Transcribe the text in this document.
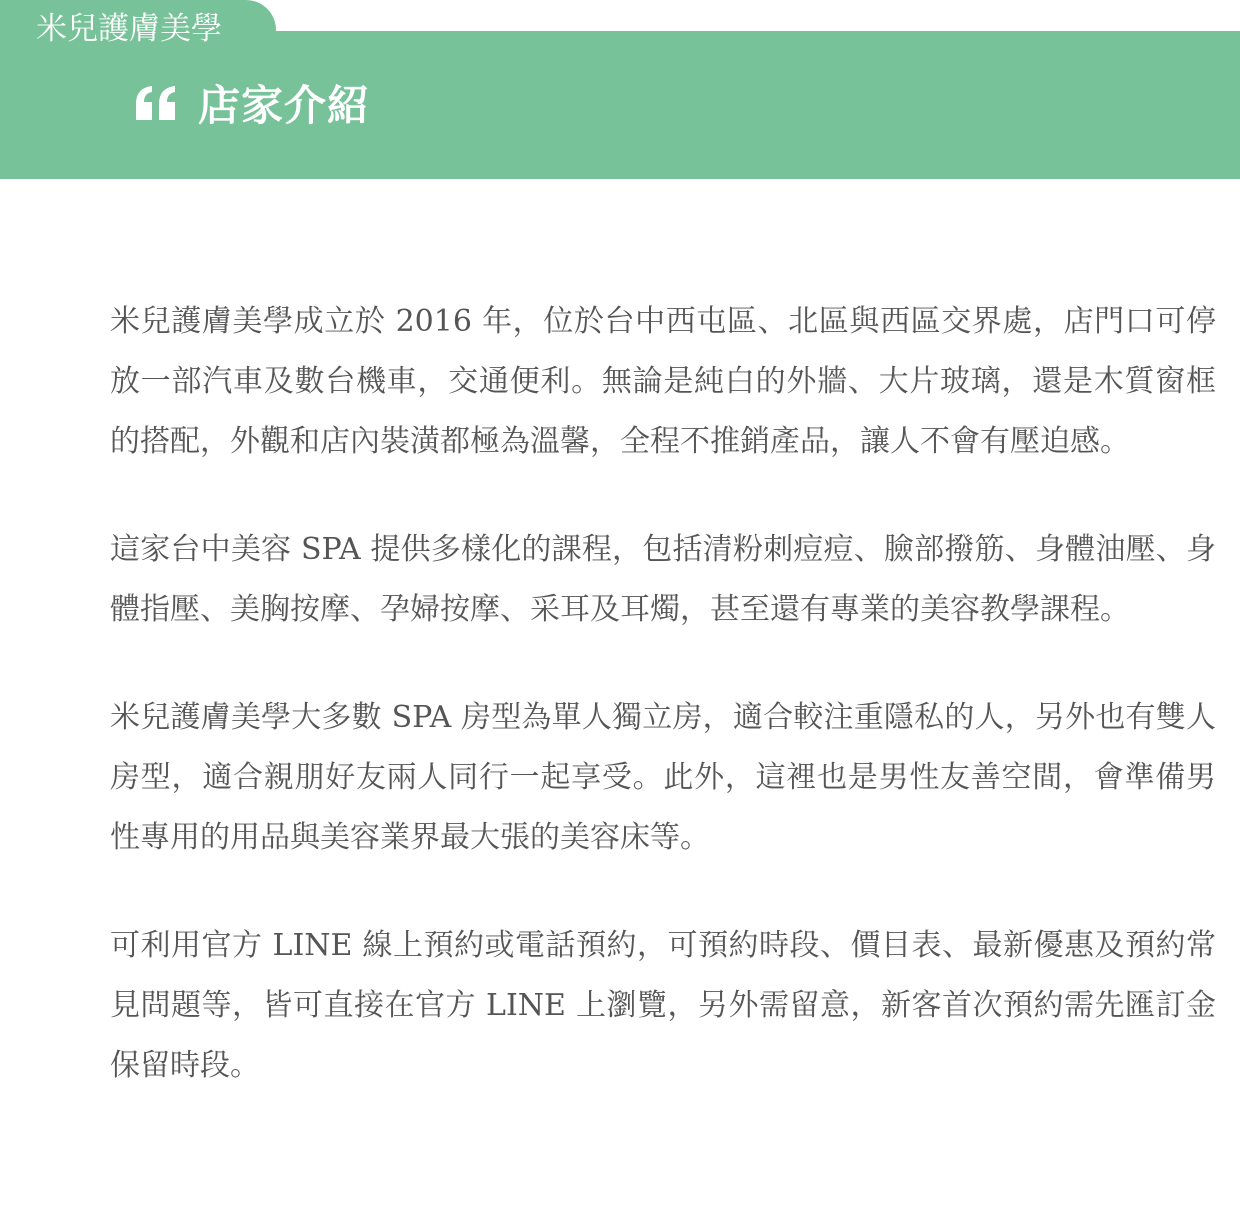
米兒護膚美學
店家介紹

米兒護膚美學成立於 2016 年，位於台中西屯區、北區與西區交界處，店門口可停放一部汽車及數台機車，交通便利。無論是純白的外牆、大片玻璃，還是木質窗框的搭配，外觀和店內裝潢都極為溫馨，全程不推銷產品，讓人不會有壓迫感。

這家台中美容 SPA 提供多樣化的課程，包括清粉刺痘痘、臉部撥筋、身體油壓、身體指壓、美胸按摩、孕婦按摩、采耳及耳燭，甚至還有專業的美容教學課程。

米兒護膚美學大多數 SPA 房型為單人獨立房，適合較注重隱私的人，另外也有雙人房型，適合親朋好友兩人同行一起享受。此外，這裡也是男性友善空間，會準備男性專用的用品與美容業界最大張的美容床等。

可利用官方 LINE 線上預約或電話預約，可預約時段、價目表、最新優惠及預約常見問題等，皆可直接在官方 LINE 上瀏覽，另外需留意，新客首次預約需先匯訂金保留時段。
